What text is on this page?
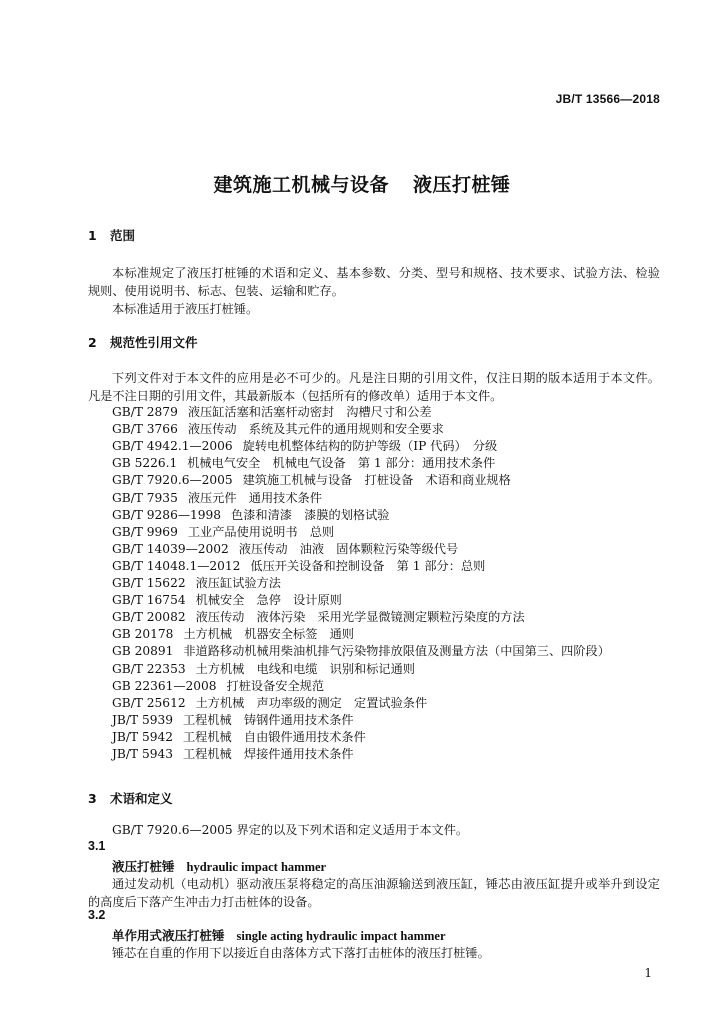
JB/T 13566—2018
建筑施工机械与设备 液压打桩锤
1 范围
本标准规定了液压打桩锤的术语和定义、基本参数、分类、型号和规格、技术要求、试验方法、检验规则、使用说明书、标志、包装、运输和贮存。
本标准适用于液压打桩锤。
2 规范性引用文件
下列文件对于本文件的应用是必不可少的。凡是注日期的引用文件，仅注日期的版本适用于本文件。凡是不注日期的引用文件，其最新版本（包括所有的修改单）适用于本文件。
GB/T 2879 液压缸活塞和活塞杆动密封　沟槽尺寸和公差
GB/T 3766 液压传动　系统及其元件的通用规则和安全要求
GB/T 4942.1—2006 旋转电机整体结构的防护等级（IP 代码）　分级
GB 5226.1 机械电气安全　机械电气设备　第 1 部分：通用技术条件
GB/T 7920.6—2005 建筑施工机械与设备　打桩设备　术语和商业规格
GB/T 7935 液压元件　通用技术条件
GB/T 9286—1998 色漆和清漆　漆膜的划格试验
GB/T 9969 工业产品使用说明书　总则
GB/T 14039—2002 液压传动　油液　固体颗粒污染等级代号
GB/T 14048.1—2012 低压开关设备和控制设备　第 1 部分：总则
GB/T 15622 液压缸试验方法
GB/T 16754 机械安全　急停　设计原则
GB/T 20082 液压传动　液体污染　采用光学显微镜测定颗粒污染度的方法
GB 20178 土方机械　机器安全标签　通则
GB 20891 非道路移动机械用柴油机排气污染物排放限值及测量方法（中国第三、四阶段）
GB/T 22353 土方机械　电线和电缆　识别和标记通则
GB 22361—2008 打桩设备安全规范
GB/T 25612 土方机械　声功率级的测定　定置试验条件
JB/T 5939 工程机械　铸钢件通用技术条件
JB/T 5942 工程机械　自由锻件通用技术条件
JB/T 5943 工程机械　焊接件通用技术条件
3 术语和定义
GB/T 7920.6—2005 界定的以及下列术语和定义适用于本文件。
3.1
液压打桩锤 hydraulic impact hammer
通过发动机（电动机）驱动液压泵将稳定的高压油源输送到液压缸，锤芯由液压缸提升或举升到设定的高度后下落产生冲击力打击桩体的设备。
3.2
单作用式液压打桩锤 single acting hydraulic impact hammer
锤芯在自重的作用下以接近自由落体方式下落打击桩体的液压打桩锤。
1
